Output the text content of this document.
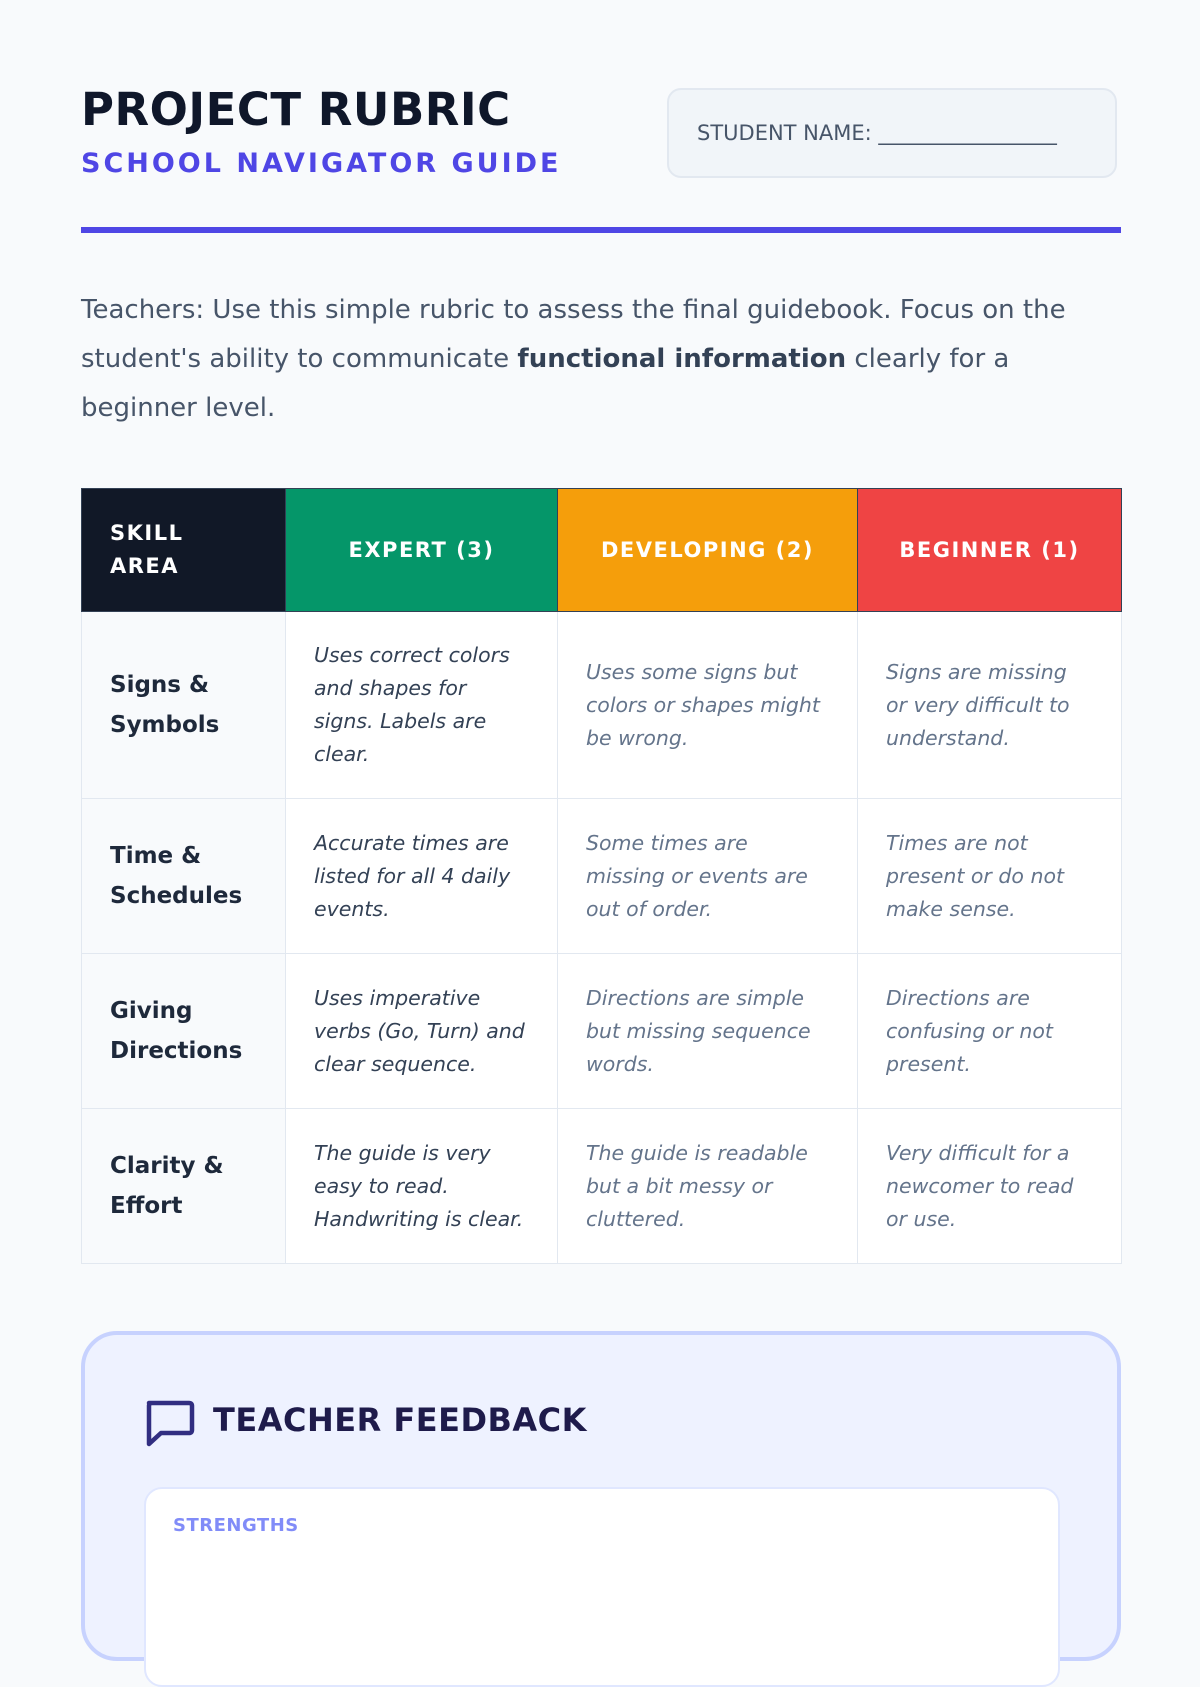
PROJECT RUBRIC
SCHOOL NAVIGATOR GUIDE
STUDENT NAME: _________________

Teachers: Use this simple rubric to assess the final guidebook. Focus on the student's ability to communicate functional information clearly for a beginner level.

SKILL
AREA	EXPERT (3)	DEVELOPING (2)	BEGINNER (1)
Signs &
Symbols	Uses correct colors and shapes for signs. Labels are clear.	Uses some signs but colors or shapes might be wrong.	Signs are missing or very difficult to understand.
Time &
Schedules	Accurate times are listed for all 4 daily events.	Some times are missing or events are out of order.	Times are not present or do not make sense.
Giving
Directions	Uses imperative verbs (Go, Turn) and clear sequence.	Directions are simple but missing sequence words.	Directions are confusing or not present.
Clarity &
Effort	The guide is very easy to read. Handwriting is clear.	The guide is readable but a bit messy or cluttered.	Very difficult for a newcomer to read or use.
TEACHER FEEDBACK
STRENGTHS
